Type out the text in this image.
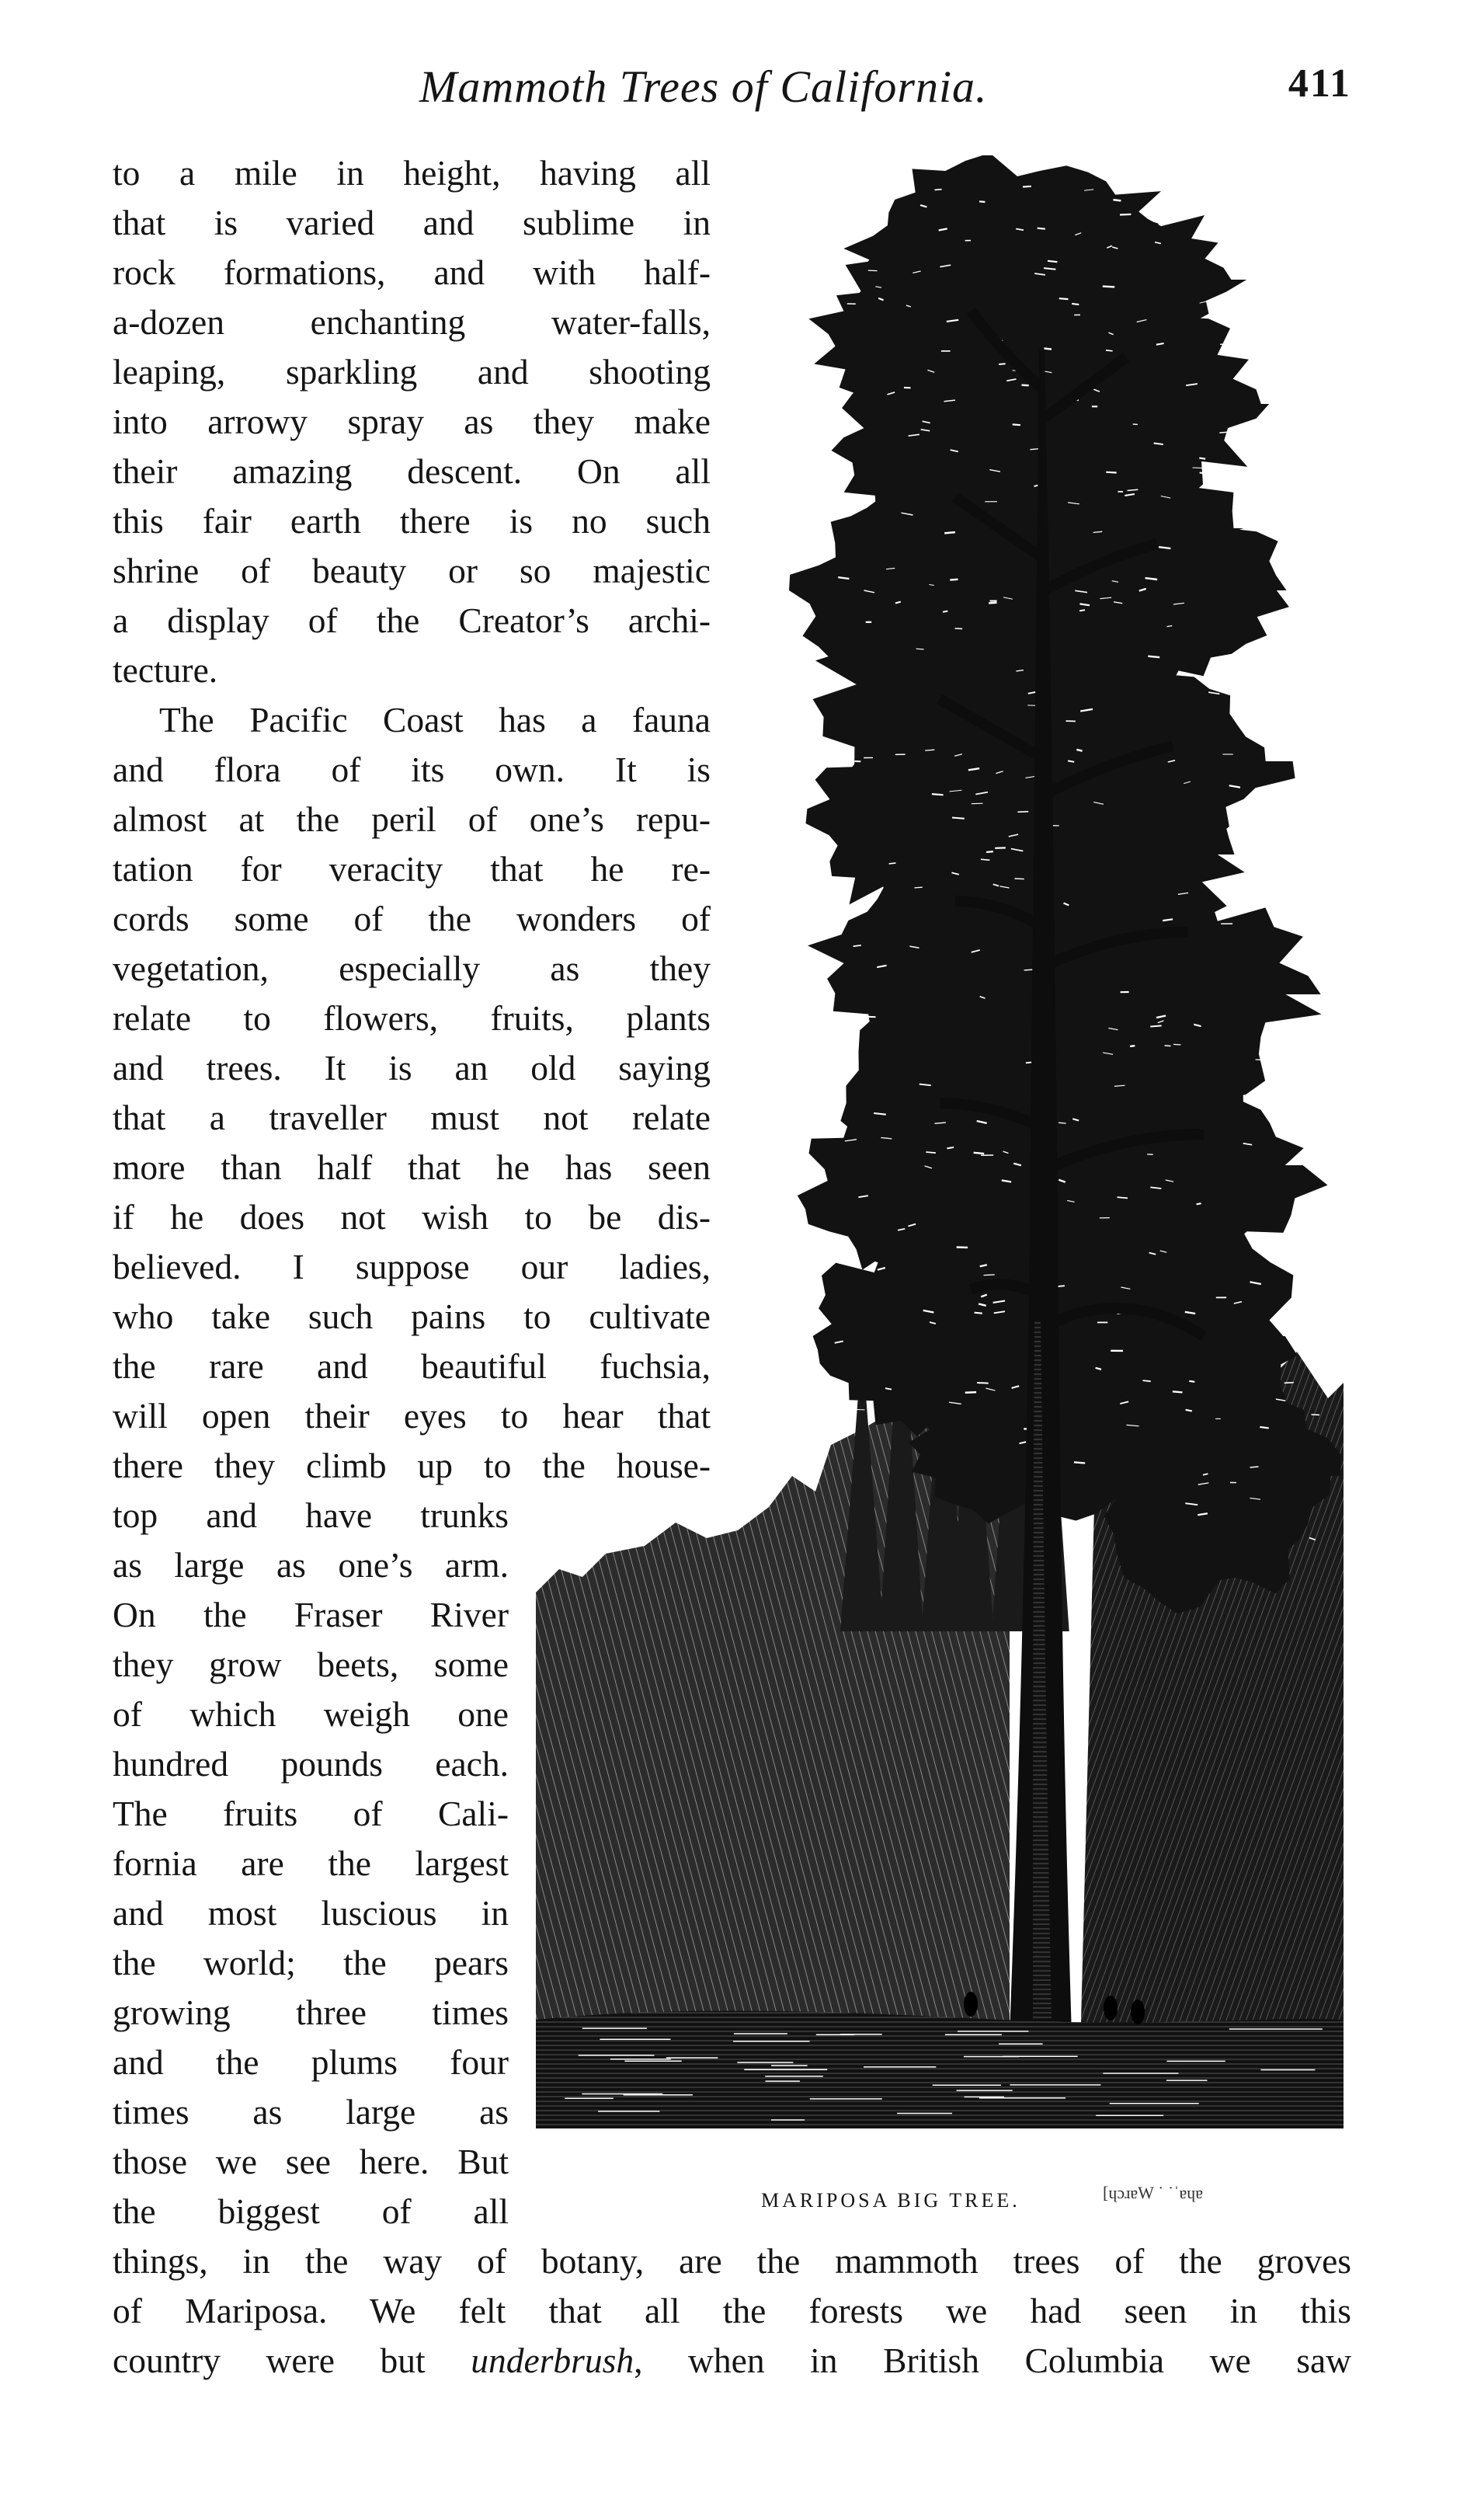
Mammoth Trees of California.	411
to a mile in height, having all
that is varied and sublime in
rock formations, and with half-
a-dozen enchanting water-falls,
leaping, sparkling and shooting
into arrowy spray as they make
their amazing descent. On all
this fair earth there is no such
shrine of beauty or so majestic
a display of the Creator’s archi-
tecture.
The Pacific Coast has a fauna
and flora of its own. It is
almost at the peril of one’s repu-
tation for veracity that he re-
cords some of the wonders of
vegetation, especially as they
relate to flowers, fruits, plants
and trees. It is an old saying
that a traveller must not relate
more than half that he has seen
if he does not wish to be dis-
believed. I suppose our ladies,
who take such pains to cultivate
the rare and beautiful fuchsia,
will open their eyes to hear that
there they climb up to the house-
top and have trunks
as large as one’s arm.
On the Fraser River
they grow beets, some
of which weigh one
hundred pounds each.
The fruits of Cali-
fornia are the largest
and most luscious in
the world; the pears
growing three times
and the plums four
times as large as
those we see here. But
the biggest of all
things, in the way of botany, are the mammoth trees of the groves
of Mariposa. We felt that all the forests we had seen in this
country were but underbrush, when in British Columbia we saw
MARIPOSA BIG TREE.	[ɥɔɹɐW ˙ ˙ˈɐɥɐ
